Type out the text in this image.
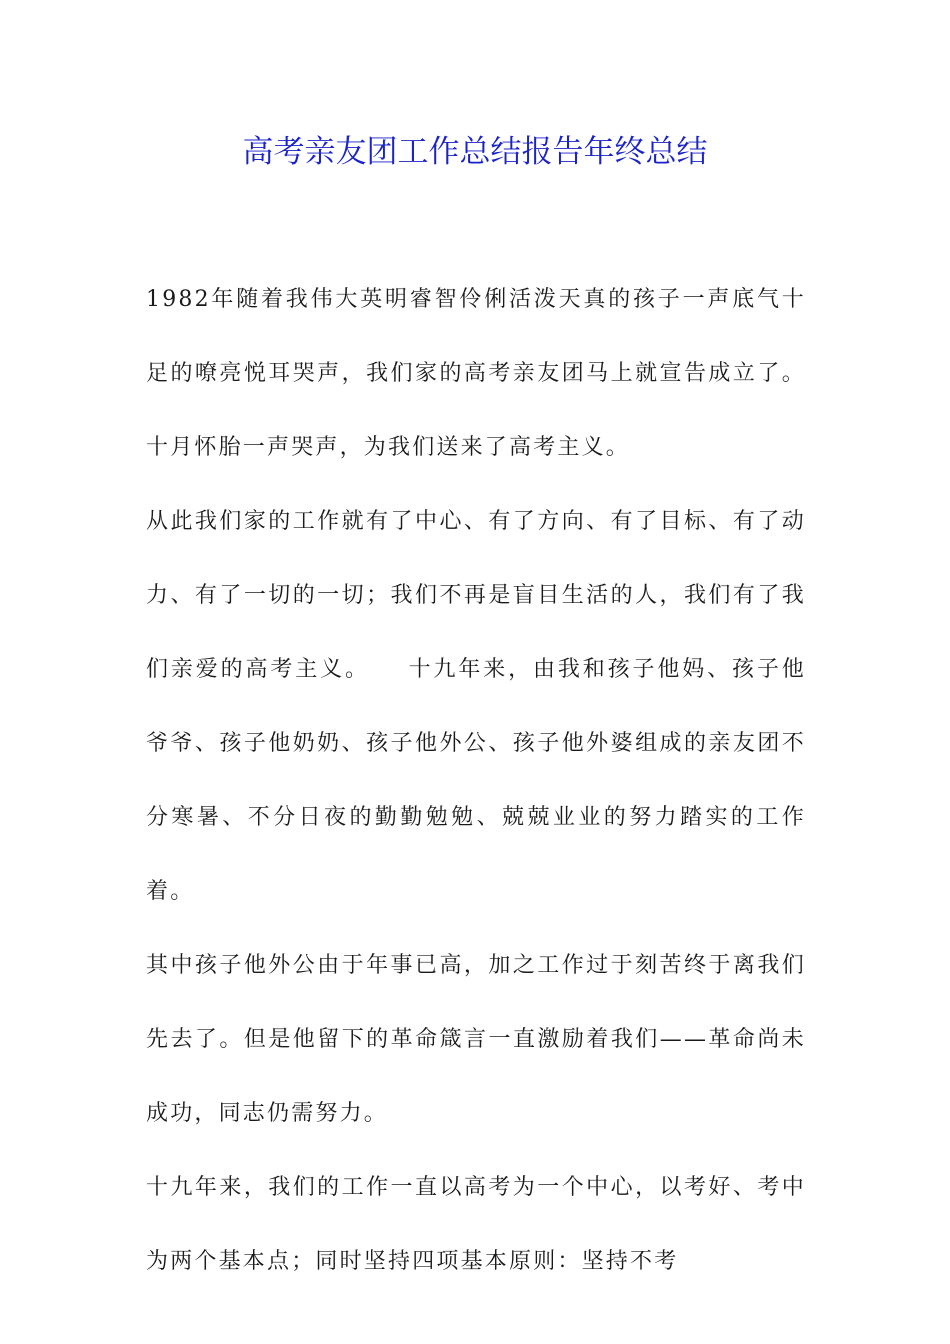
高考亲友团工作总结报告年终总结

1982年随着我伟大英明睿智伶俐活泼天真的孩子一声底气十足的嘹亮悦耳哭声，我们家的高考亲友团马上就宣告成立了。十月怀胎一声哭声，为我们送来了高考主义。

从此我们家的工作就有了中心、有了方向、有了目标、有了动力、有了一切的一切；我们不再是盲目生活的人，我们有了我们亲爱的高考主义。　　十九年来，由我和孩子他妈、孩子他爷爷、孩子他奶奶、孩子他外公、孩子他外婆组成的亲友团不分寒暑、不分日夜的勤勤勉勉、兢兢业业的努力踏实的工作着。

其中孩子他外公由于年事已高，加之工作过于刻苦终于离我们先去了。但是他留下的革命箴言一直激励着我们——革命尚未成功，同志仍需努力。

十九年来，我们的工作一直以高考为一个中心，以考好、考中为两个基本点；同时坚持四项基本原则：坚持不考
